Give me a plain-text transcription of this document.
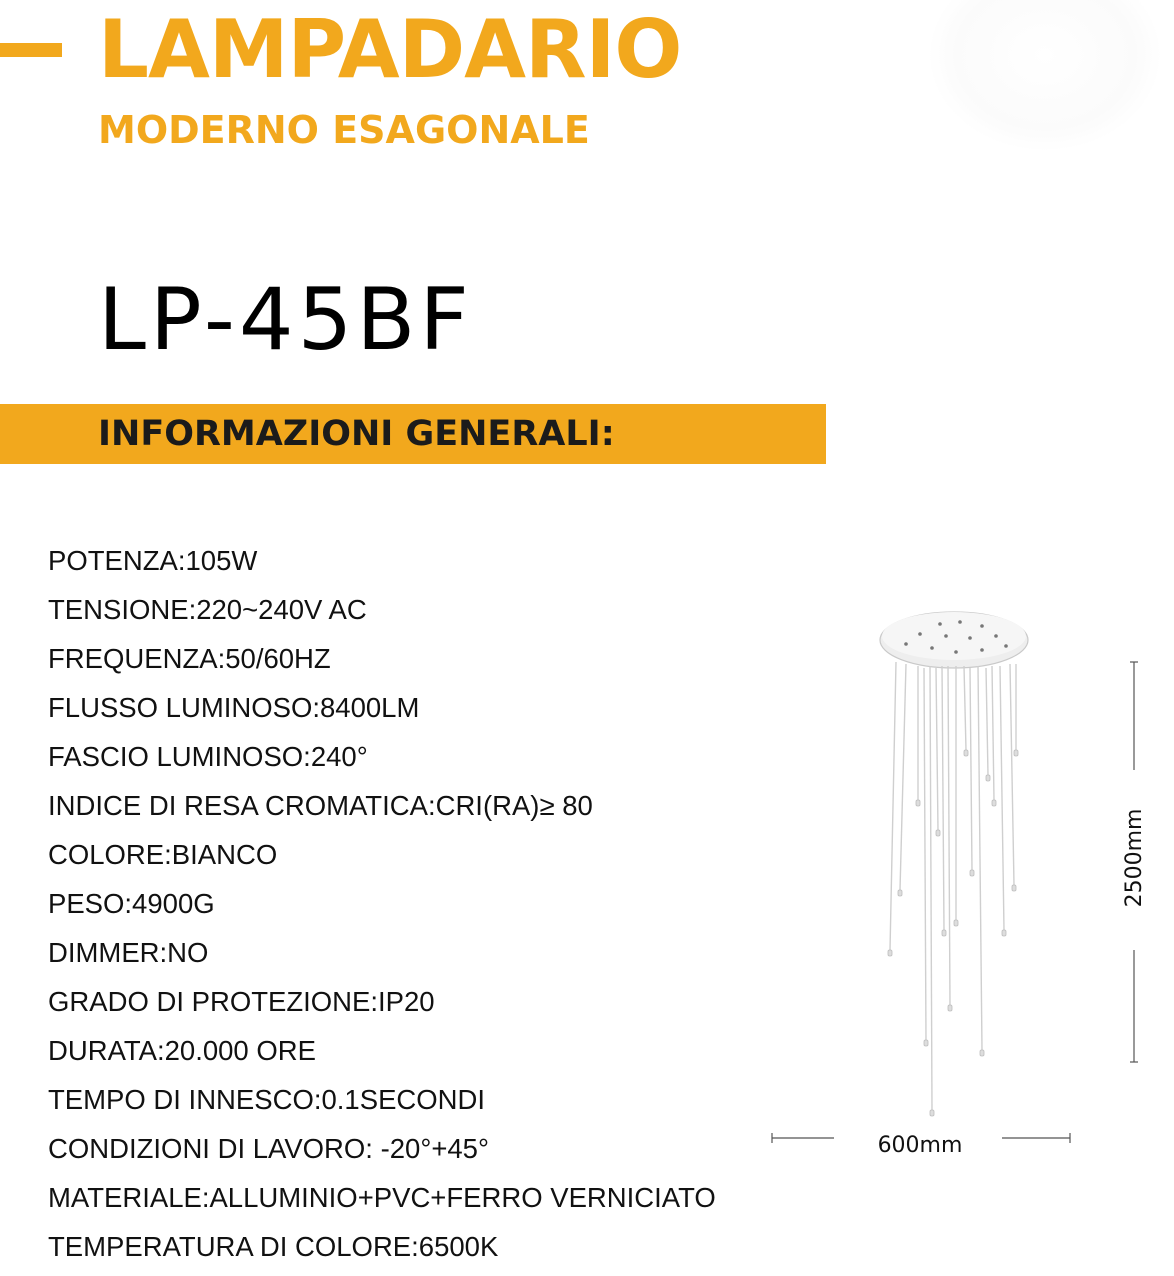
LAMPADARIO
MODERNO ESAGONALE
LP-45BF
INFORMAZIONI GENERALI:
POTENZA:105W
TENSIONE:220~240V AC
FREQUENZA:50/60HZ
FLUSSO LUMINOSO:8400LM
FASCIO LUMINOSO:240°
INDICE DI RESA CROMATICA:CRI(RA)≥ 80
COLORE:BIANCO
PESO:4900G
DIMMER:NO
GRADO DI PROTEZIONE:IP20
DURATA:20.000 ORE
TEMPO DI INNESCO:0.1SECONDI
CONDIZIONI DI LAVORO: -20°+45°
MATERIALE:ALLUMINIO+PVC+FERRO VERNICIATO
TEMPERATURA DI COLORE:6500K
2500mm
600mm
